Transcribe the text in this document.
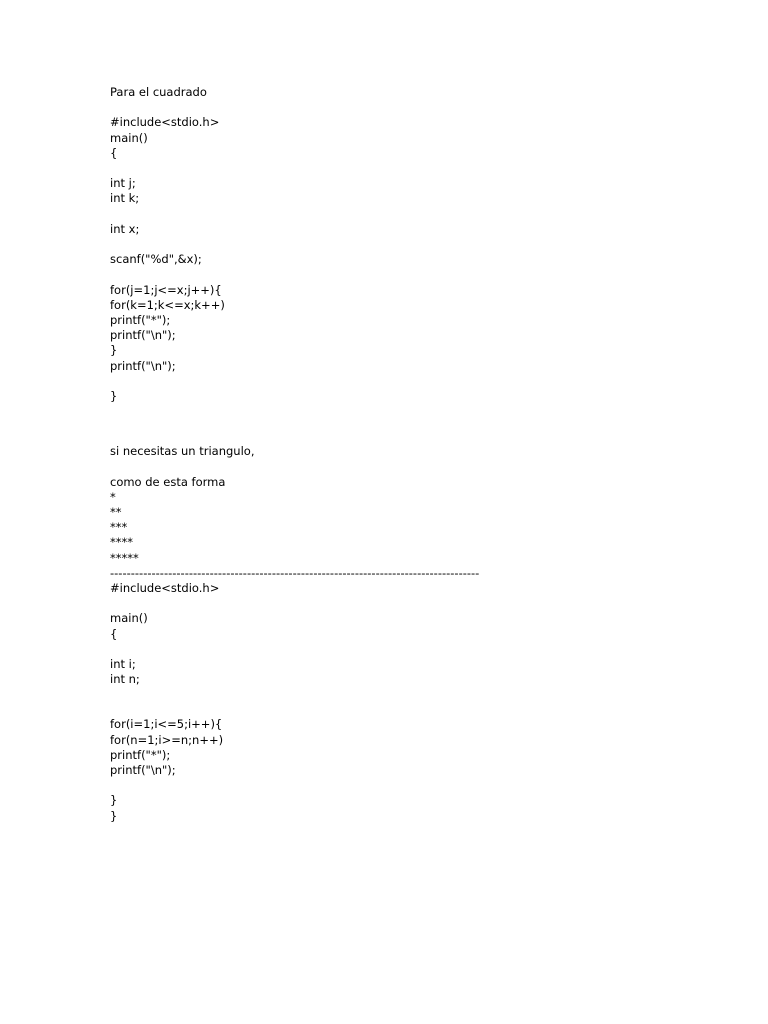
Para el cuadrado
#include<stdio.h>
main()
{
int j;
int k;
int x;
scanf("%d",&x);
for(j=1;j<=x;j++){
for(k=1;k<=x;k++)
printf("*");
printf("\n");
}
printf("\n");
}
si necesitas un triangulo,
como de esta forma
*
**
***
****
*****
-----------------------------------------------------------------------------------------
#include<stdio.h>
main()
{
int i;
int n;
for(i=1;i<=5;i++){
for(n=1;i>=n;n++)
printf("*");
printf("\n");
}
}
